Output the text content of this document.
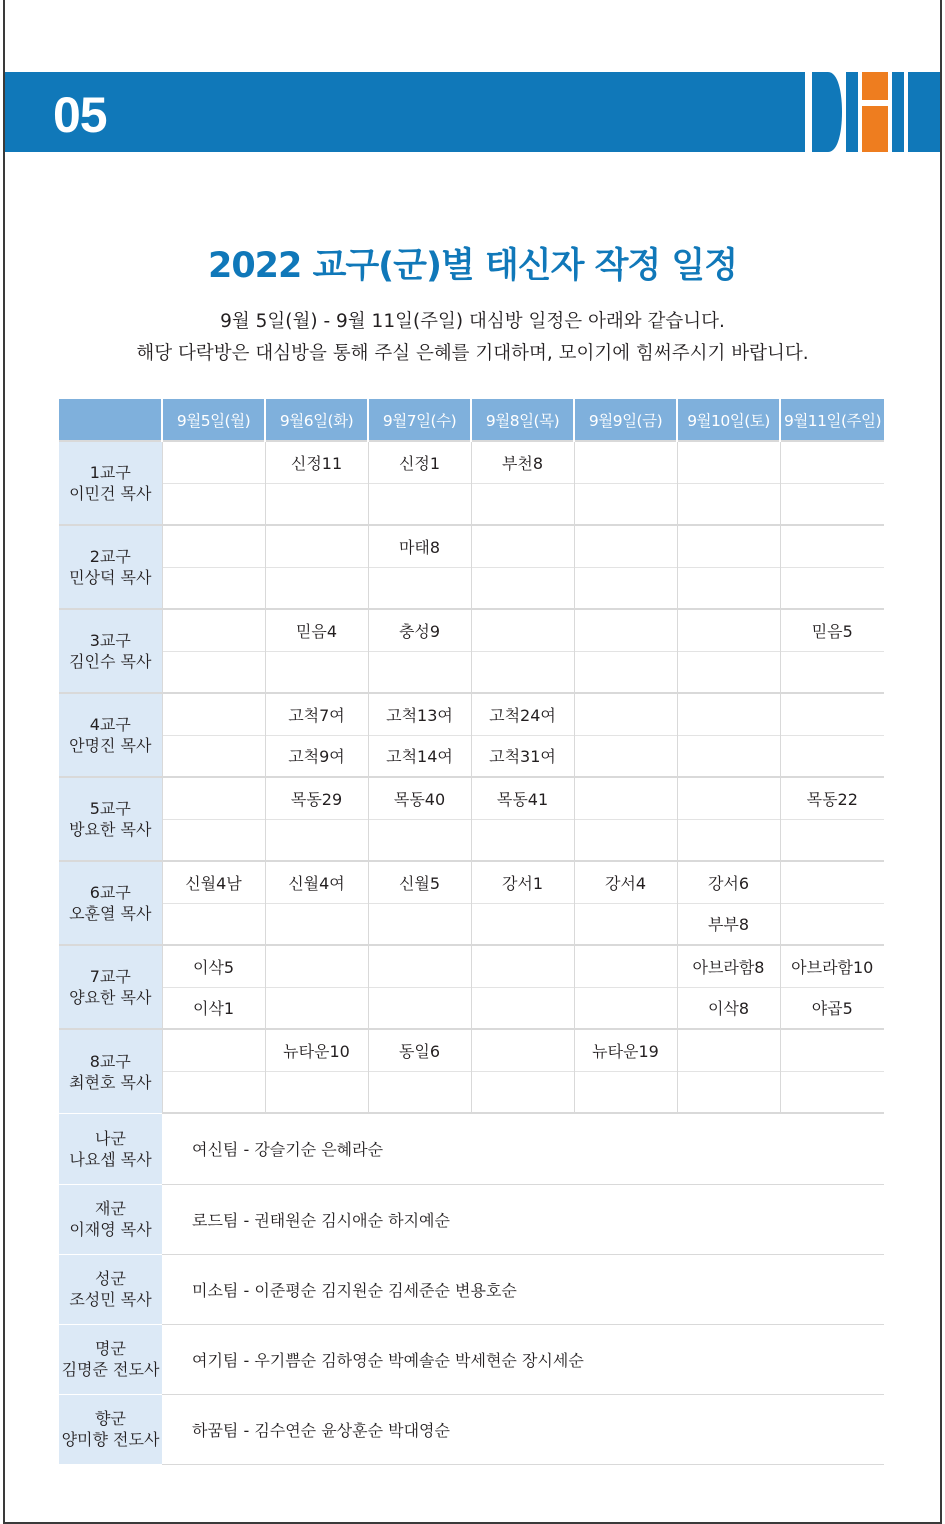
05
2022 교구(군)별 태신자 작정 일정
9월 5일(월) - 9월 11일(주일) 대심방 일정은 아래와 같습니다.
해당 다락방은 대심방을 통해 주실 은혜를 기대하며, 모이기에 힘써주시기 바랍니다.
	9월5일(월)	9월6일(화)	9월7일(수)	9월8일(목)	9월9일(금)	9월10일(토)	9월11일(주일)

1교구
이민건 목사		신정11	신정1	부천8			

2교구
민상덕 목사			마태8				

3교구
김인수 목사		믿음4	충성9				믿음5

4교구
안명진 목사		고척7여	고척13여	고척24여			
		고척9여	고척14여	고척31여			

5교구
방요한 목사		목동29	목동40	목동41			목동22

6교구
오훈열 목사	신월4남	신월4여	신월5	강서1	강서4	강서6	
						부부8	

7교구
양요한 목사	이삭5					아브라함8	아브라함10
	이삭1					이삭8	야곱5

8교구
최현호 목사		뉴타운10	동일6		뉴타운19		

나군
나요셉 목사	여신팀 - 강슬기순 은혜라순

재군
이재영 목사	로드팀 - 권태원순 김시애순 하지예순

성군
조성민 목사	미소팀 - 이준평순 김지원순 김세준순 변용호순

명군
김명준 전도사	여기팀 - 우기쁨순 김하영순 박예솔순 박세현순 장시세순

향군
양미향 전도사	하꿈팀 - 김수연순 윤상훈순 박대영순
